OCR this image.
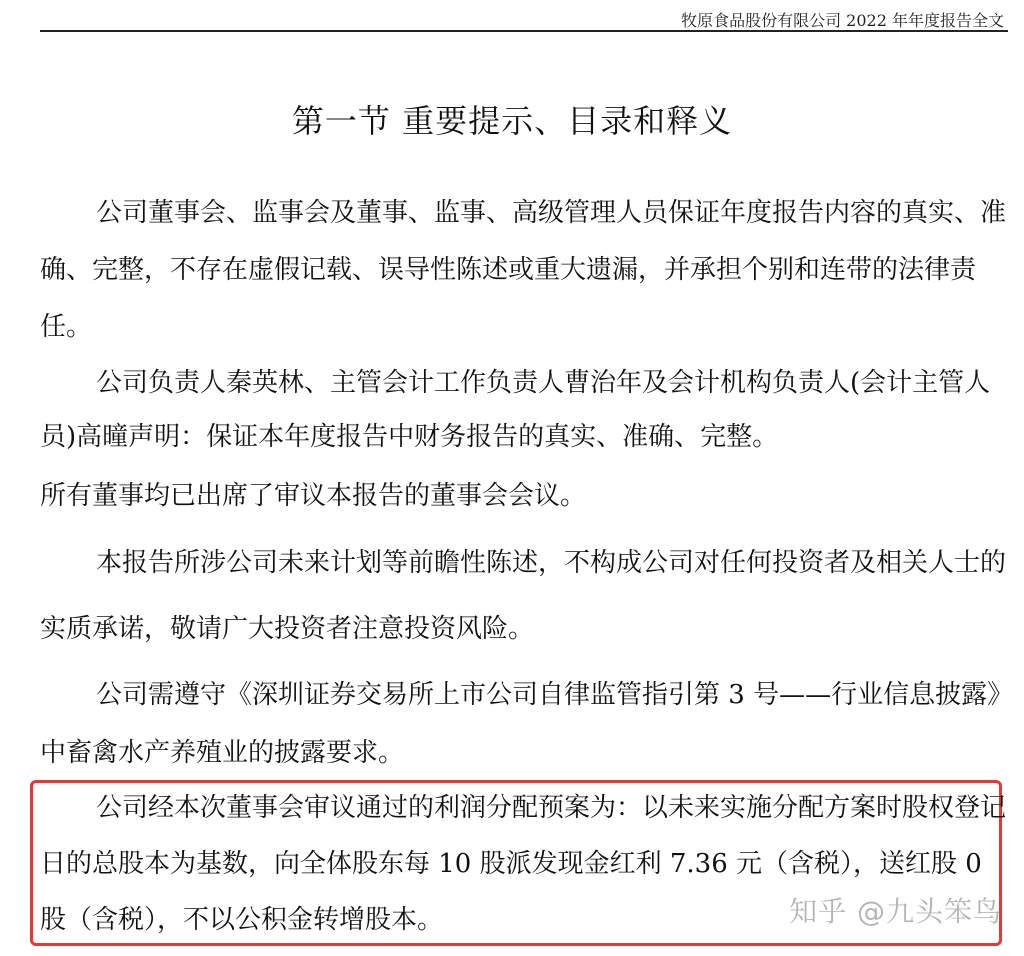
牧原食品股份有限公司 2022 年年度报告全文
第一节 重要提示、目录和释义

公司董事会、监事会及董事、监事、高级管理人员保证年度报告内容的真实、准确、完整，不存在虚假记载、误导性陈述或重大遗漏，并承担个别和连带的法律责任。

公司负责人秦英林、主管会计工作负责人曹治年及会计机构负责人(会计主管人员)高曈声明：保证本年度报告中财务报告的真实、准确、完整。

所有董事均已出席了审议本报告的董事会会议。

本报告所涉公司未来计划等前瞻性陈述，不构成公司对任何投资者及相关人士的实质承诺，敬请广大投资者注意投资风险。

公司需遵守《深圳证券交易所上市公司自律监管指引第 3 号——行业信息披露》中畜禽水产养殖业的披露要求。

公司经本次董事会审议通过的利润分配预案为：以未来实施分配方案时股权登记日的总股本为基数，向全体股东每 10 股派发现金红利 7.36 元（含税），送红股 0 股（含税），不以公积金转增股本。	知乎 @九头笨鸟
